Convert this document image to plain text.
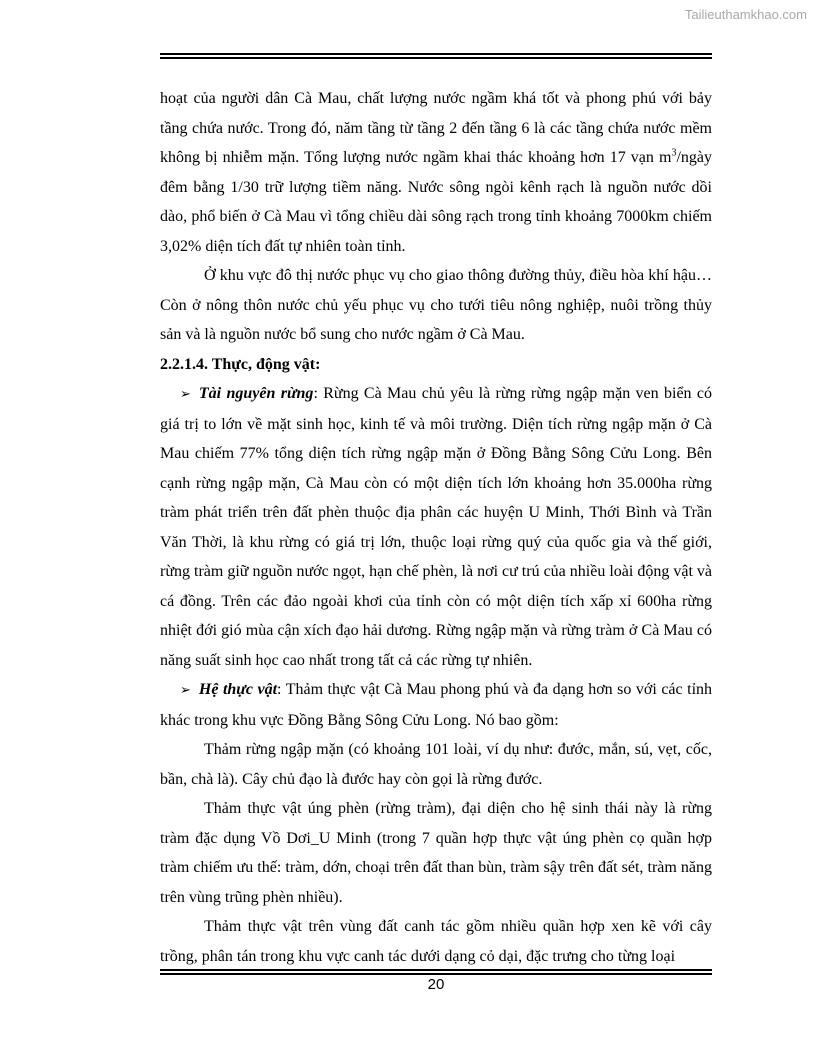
Tailieuthamkhao.com

hoạt của người dân Cà Mau, chất lượng nước ngầm khá tốt và phong phú với bảy tầng chứa nước. Trong đó, năm tầng từ tầng 2 đến tầng 6 là các tầng chứa nước mềm không bị nhiễm mặn. Tổng lượng nước ngầm khai thác khoảng hơn 17 vạn $m^3$/ngày đêm bằng 1/30 trữ lượng tiềm năng. Nước sông ngòi kênh rạch là nguồn nước dồi dào, phổ biến ở Cà Mau vì tổng chiều dài sông rạch trong tỉnh khoảng 7000km chiếm 3,02% diện tích đất tự nhiên toàn tỉnh.

Ở khu vực đô thị nước phục vụ cho giao thông đường thủy, điều hòa khí hậu…Còn ở nông thôn nước chủ yếu phục vụ cho tưới tiêu nông nghiệp, nuôi trồng thủy sản và là nguồn nước bổ sung cho nước ngầm ở Cà Mau.

2.2.1.4. Thực, động vật:

➢ Tài nguyên rừng: Rừng Cà Mau chủ yêu là rừng rừng ngập mặn ven biển có giá trị to lớn về mặt sinh học, kinh tế và môi trường. Diện tích rừng ngập mặn ở Cà Mau chiếm 77% tổng diện tích rừng ngập mặn ở Đồng Bằng Sông Cửu Long. Bên cạnh rừng ngập mặn, Cà Mau còn có một diện tích lớn khoảng hơn 35.000ha rừng tràm phát triển trên đất phèn thuộc địa phân các huyện U Minh, Thới Bình và Trần Văn Thời, là khu rừng có giá trị lớn, thuộc loại rừng quý của quốc gia và thế giới, rừng tràm giữ nguồn nước ngọt, hạn chế phèn, là nơi cư trú của nhiều loài động vật và cá đồng. Trên các đảo ngoài khơi của tỉnh còn có một diện tích xấp xỉ 600ha rừng nhiệt đới gió mùa cận xích đạo hải dương. Rừng ngập mặn và rừng tràm ở Cà Mau có năng suất sinh học cao nhất trong tất cả các rừng tự nhiên.

➢ Hệ thực vật: Thảm thực vật Cà Mau phong phú và đa dạng hơn so với các tỉnh khác trong khu vực Đồng Bằng Sông Cửu Long. Nó bao gồm:

Thảm rừng ngập mặn (có khoảng 101 loài, ví dụ như: đước, mắn, sú, vẹt, cốc, bần, chà là). Cây chủ đạo là đước hay còn gọi là rừng đước.

Thảm thực vật úng phèn (rừng tràm), đại diện cho hệ sinh thái này là rừng tràm đặc dụng Vồ Dơi_U Minh (trong 7 quần hợp thực vật úng phèn cọ quần hợp tràm chiếm ưu thế: tràm, dớn, choại trên đất than bùn, tràm sậy trên đất sét, tràm năng trên vùng trũng phèn nhiều).

Thảm thực vật trên vùng đất canh tác gồm nhiều quần hợp xen kẽ với cây trồng, phân tán trong khu vực canh tác dưới dạng cỏ dại, đặc trưng cho từng loại

20
